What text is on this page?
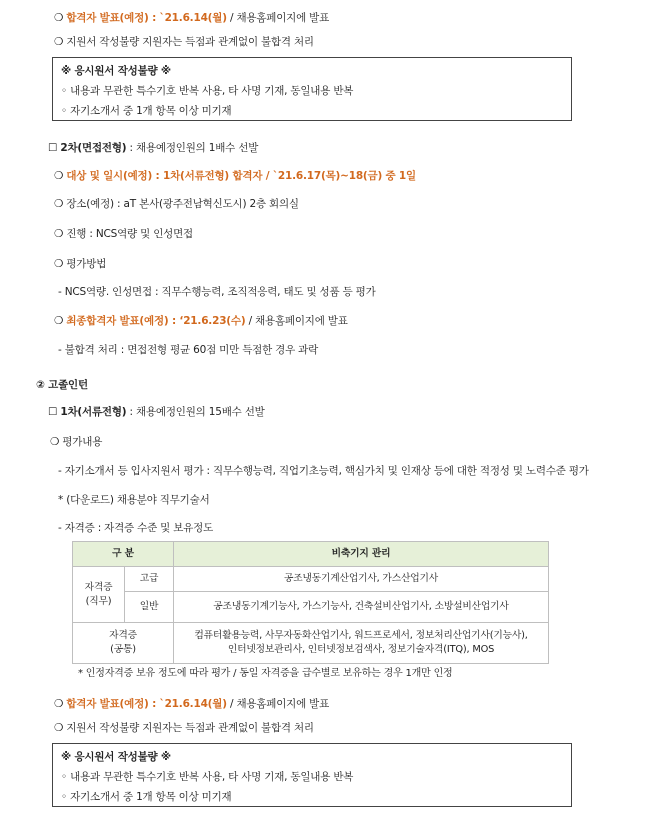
❍ 합격자 발표(예정) : `21.6.14(월) / 채용홈페이지에 발표
❍ 지원서 작성불량 지원자는 득점과 관계없이 불합격 처리
※ 응시원서 작성불량 ※
◦ 내용과 무관한 특수기호 반복 사용, 타 사명 기재, 동일내용 반복
◦ 자기소개서 중 1개 항목 이상 미기재
☐ 2차(면접전형) : 채용예정인원의 1배수 선발
❍ 대상 및 일시(예정) : 1차(서류전형) 합격자 / `21.6.17(목)~18(금) 중 1일
❍ 장소(예정) : aT 본사(광주전남혁신도시) 2층 회의실
❍ 진행 : NCS역량 및 인성면접
❍ 평가방법
- NCS역량. 인성면접 : 직무수행능력, 조직적응력, 태도 및 성품 등 평가
❍ 최종합격자 발표(예정) : ‘21.6.23(수) / 채용홈페이지에 발표
- 불합격 처리 : 면접전형 평균 60점 미만 득점한 경우 과락
② 고졸인턴
☐ 1차(서류전형) : 채용예정인원의 15배수 선발
❍ 평가내용
- 자기소개서 등 입사지원서 평가 : 직무수행능력, 직업기초능력, 핵심가치 및 인재상 등에 대한 적정성 및 노력수준 평가
* (다운로드) 채용분야 직무기술서
- 자격증 : 자격증 수준 및 보유정도
구 분		비축기지 관리
자격증
(직무)	고급	공조냉동기계산업기사, 가스산업기사
	일반	공조냉동기계기능사, 가스기능사, 건축설비산업기사, 소방설비산업기사
자격증
(공통)		컴퓨터활용능력, 사무자동화산업기사, 워드프로세서, 정보처리산업기사(기능사),
인터넷정보관리사, 인터넷정보검색사, 정보기술자격(ITQ), MOS
* 인정자격증 보유 정도에 따라 평가 / 동일 자격증을 급수별로 보유하는 경우 1개만 인정
❍ 합격자 발표(예정) : `21.6.14(월) / 채용홈페이지에 발표
❍ 지원서 작성불량 지원자는 득점과 관계없이 불합격 처리
※ 응시원서 작성불량 ※
◦ 내용과 무관한 특수기호 반복 사용, 타 사명 기재, 동일내용 반복
◦ 자기소개서 중 1개 항목 이상 미기재
